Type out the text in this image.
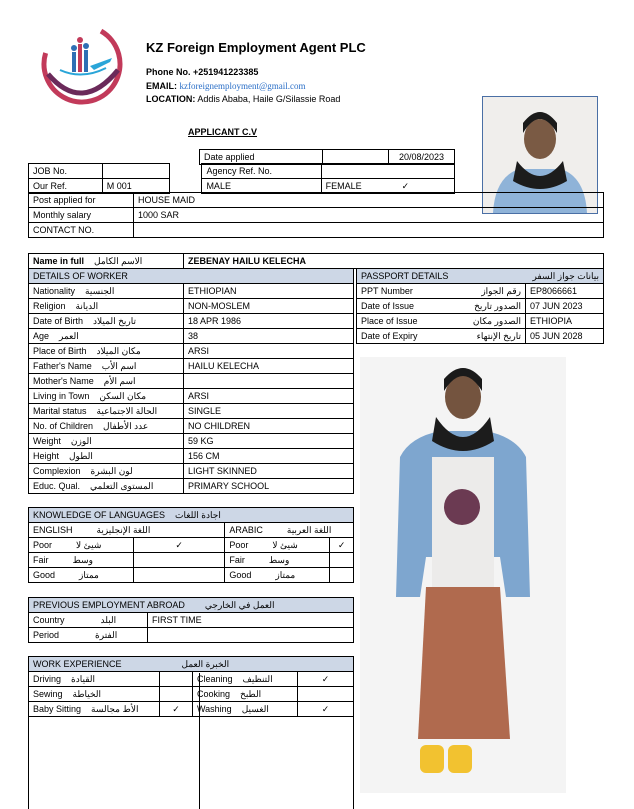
KZ Foreign Employment Agent PLC
Phone No. +251941223385
EMAIL: kzforeignemployment@gmail.com
LOCATION: Addis Ababa, Haile G/Silassie Road
APPLICANT C.V
Date applied		20/08/2023
JOB No.			Agency Ref. No.	
Our Ref.	M 001		MALE	FEMALE ✓
Post applied for	HOUSE MAID
Monthly salary	1000 SAR
CONTACT NO.	
Name in full الاسم الكامل	ZEBENAY HAILU KELECHA
DETAILS OF WORKER	
Nationality الجنسية	ETHIOPIAN
Religion الديانة	NON-MOSLEM
Date of Birth تاريخ الميلاد	18 APR 1986
Age العمر	38
Place of Birth مكان الميلاد	ARSI
Father's Name اسم الأب	HAILU KELECHA
Mother's Name اسم الأم	
Living in Town مكان السكن	ARSI
Marital status الحالة الاجتماعية	SINGLE
No. of Children عدد الأطفال	NO CHILDREN
Weight الوزن	59 KG
Height الطول	156 CM
Complexion لون البشرة	LIGHT SKINNED
Educ. Qual. المستوى التعلمي	PRIMARY SCHOOL
PASSPORT DETAILS بيانات جواز السفر	

PPT Number رقم الجواز	EP8066661
Date of Issue الصدور تاريخ	07 JUN 2023
Place of Issue الصدور مكان	ETHIOPIA
Date of Expiry تاريخ الإنتهاء	05 JUN 2028
KNOWLEDGE OF LANGUAGES اجادة اللغات			
ENGLISH اللغة الإنجليزية		ARABIC اللغة العربية	
Poor شيئ لا	✓	Poor شيئ لا	✓
Fair وسط		Fair وسط	
Good ممتاز		Good ممتاز	
PREVIOUS EMPLOYMENT ABROAD العمل في الخارجي	
Country البلد	FIRST TIME
Period الفترة	
WORK EXPERIENCE الخبرة العمل			
Driving القيادة		Cleaning التنظيف	✓
Sewing الخياطة		Cooking الطبخ	
Baby Sitting الأط مجالسة	✓	Washing الغسيل	✓
